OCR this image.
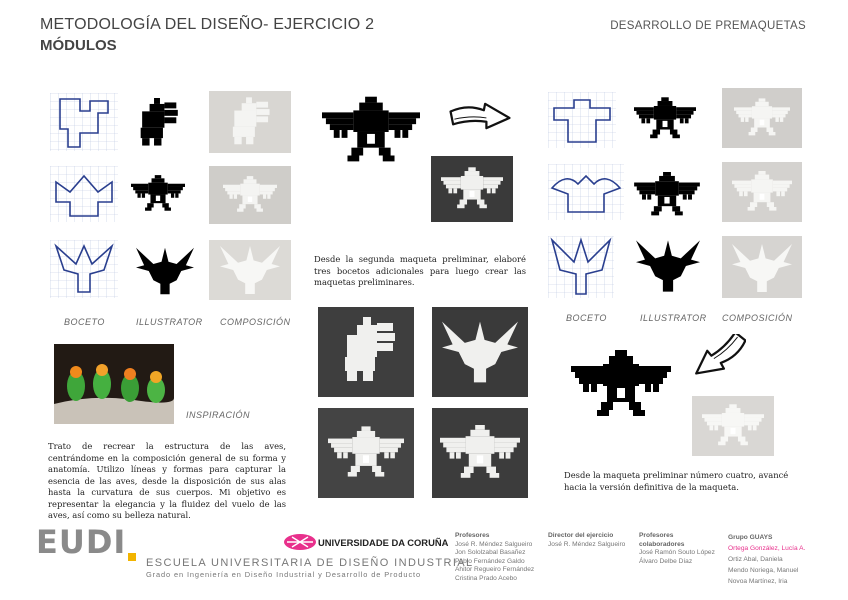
METODOLOGÍA DEL DISEÑO- EJERCICIO 2
MÓDULOS
DESARROLLO DE PREMAQUETAS
BOCETO	ILLUSTRATOR COMPOSICIÓN
INSPIRACIÓN
Trato de recrear la estructura de las aves, centrándome en la composición general de su forma y anatomía. Utilizo líneas y formas para capturar la esencia de las aves, desde la disposición de sus alas hasta la curvatura de sus cuerpos. Mi objetivo es representar la elegancia y la fluidez del vuelo de las aves, así como su belleza natural.
Desde la segunda maqueta preliminar, elaboré tres bocetos adicionales para luego crear las maquetas preliminares.
BOCETO	ILLUSTRATOR COMPOSICIÓN
Desde la maqueta preliminar número cuatro, avancé hacia la versión definitiva de la maqueta.
EUDI
ESCUELA UNIVERSITARIA DE DISEÑO INDUSTRIAL
Grado en Ingeniería en Diseño Industrial y Desarrollo de Producto
UNIVERSIDADE DA CORUÑA
Profesores
José R. Méndez Salgueiro
Jon Sololzabal Basañez
Pablo Fernández Galdo
Ahitor Regueiro Fernández
Cristina Prado Acebo
Director del ejercicio
José R. Méndez Salgueiro
Profesores colaboradores
José Ramón Souto López
Álvaro Delbe Díaz
Grupo GUAYS
Ortega González, Lucía A.
Ortiz Abal, Daniela
Mendo Noriega, Manuel
Novoa Martínez, Iria
